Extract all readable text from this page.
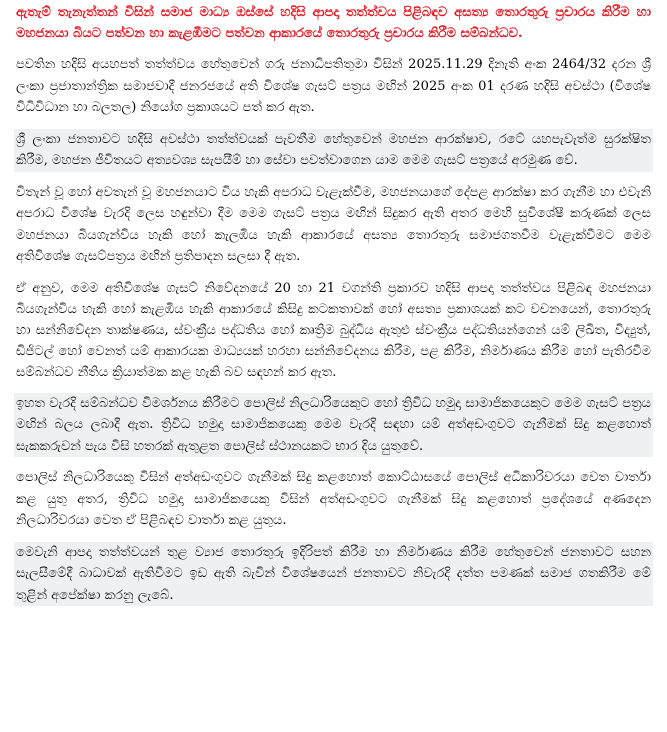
ඇතැම් තැනැත්තන් විසින් සමාජ මාධ්‍ය ඔස්සේ හදිසි ආපදා තත්ත්වය පිළිබඳව අසත්‍ය තොරතුරු ප්‍රචාරය කිරීම හා මහජනයා බියට පත්වන හා කැළඹීමට පත්වන ආකාරයේ තොරතුරු ප්‍රචාරය කිරීම සම්බන්ධව.

පවතින හදිසි අයහපත් තත්ත්වය හේතුවෙන් ගරු ජනාධිපතිතුමා විසින් 2025.11.29 දිනැති අංක 2464/32 දරන ශ්‍රී ලංකා ප්‍රජාතාන්ත්‍රික සමාජවාදී ජනරජයේ අති විශේෂ ගැසට් පත්‍රය මඟින් 2025 අංක 01 දරණ හදිසි අවස්ථා (විශේෂ විධිවිධාන හා බලතල) නියෝග ප්‍රකාශයට පත් කර ඇත.

ශ්‍රී ලංකා ජනතාවට හදිසි අවස්ථා තත්ත්වයක් පැවතීම හේතුවෙන් මහජන ආරක්ෂාව, රටේ යහපැවැත්ම සුරක්ෂිත කිරීම, මහජන ජීවිතයට අත්‍යවශ්‍ය සැපයීම් හා සේවා පවත්වාගෙන යාම මෙම ගැසට් පත්‍රයේ අරමුණ වේ.

විතැන් වූ හෝ අවතැන් වූ මහජනයාට විය හැකි අපරාධ වැළැක්වීම, මහජනයාගේ දේපළ ආරක්ෂා කර ගැනීම හා එවැනි අපරාධ විශේෂ වැරදි ලෙස හඳුන්වා දීම මෙම ගැසට් පත්‍රය මඟින් සිදුකර ඇති අතර මෙහි සුවිශේෂී කරුණක් ලෙස මහජනයා බියගැන්විය හැකි හෝ කැලඹිය හැකි ආකාරයේ අසත්‍ය තොරතුරු සමාජගතවීම වැළැක්වීමට මෙම අතිවිශේෂ ගැසට්පත්‍රය මඟින් ප්‍රතිපාදන සලසා දී ඇත.

ඒ අනුව, මෙම අතිවිශේෂ ගැසට් නිවේදනයේ 20 හා 21 වගන්ති ප්‍රකාරව හදිසි ආපදා තත්ත්වය පිළිබඳ මහජනයා බියගැන්විය හැකි හෝ කැළඹිය හැකි ආකාරයේ කිසිදු කටකතාවක් හෝ අසත්‍ය ප්‍රකාශයක් කට වචනයෙන්, තොරතුරු හා සන්නිවේදන තාක්ෂණය, ස්වංක්‍රීය පද්ධතිය හෝ කෘත්‍රිම බුද්ධිය ඇතුළු ස්වංක්‍රීය පද්ධතියන්ගෙන් යම් ලිඛිත, විද්‍යුත්, ඩිජිටල් හෝ වෙනත් යම් ආකාරයක මාධ්‍යයක් හරහා සන්නිවේදනය කිරීම, පළ කිරීම, නිර්මාණය කිරීම හෝ පැතිරවීම සම්බන්ධව නීතිය ක්‍රියාත්මක කළ හැකි බව සඳහන් කර ඇත.

ඉහත වැරදි සම්බන්ධව විමර්ශනය කිරීමට පොලිස් නිලධාරියෙකුට හෝ ත්‍රිවිධ හමුදා සාමාජිකයෙකුට මෙම ගැසට් පත්‍රය මඟින් බලය ලබාදී ඇත. ත්‍රිවිධ හමුදා සාමාජිකයෙකු මෙම වැරදි සඳහා යම් අත්අඩංගුවට ගැනීමක් සිදු කළහොත් සැකකරුවන් පැය විසි හතරක් ඇතුළත පොලිස් ස්ථානයකට භාර දිය යුතුවේ.

පොලිස් නිලධාරියෙකු විසින් අත්අඩංගුවට ගැනීමක් සිදු කළහොත් කොට්ඨාසයේ පොලිස් අධිකාරිවරයා වෙත වාර්තා කළ යුතු අතර, ත්‍රිවිධ හමුදා සාමාජිකයෙකු විසින් අත්අඩංගුවට ගැනීමක් සිදු කළහොත් ප්‍රදේශයේ අණදෙන නිලධාරිවරයා වෙත ඒ පිළිබඳව වාර්තා කළ යුතුය.

මෙවැනි ආපදා තත්ත්වයන් තුළ ව්‍යාජ තොරතුරු ඉදිරිපත් කිරීම හා නිර්මාණය කිරීම හේතුවෙන් ජනතාවට සහන සැලසීමේදී බාධාවක් ඇතිවීමට ඉඩ ඇති බැවින් විශේෂයෙන් ජනතාවට නිවැරදි දත්ත පමණක් සමාජ ගතකිරීම මේ තුළින් අපේක්ෂා කරනු ලැබේ.
